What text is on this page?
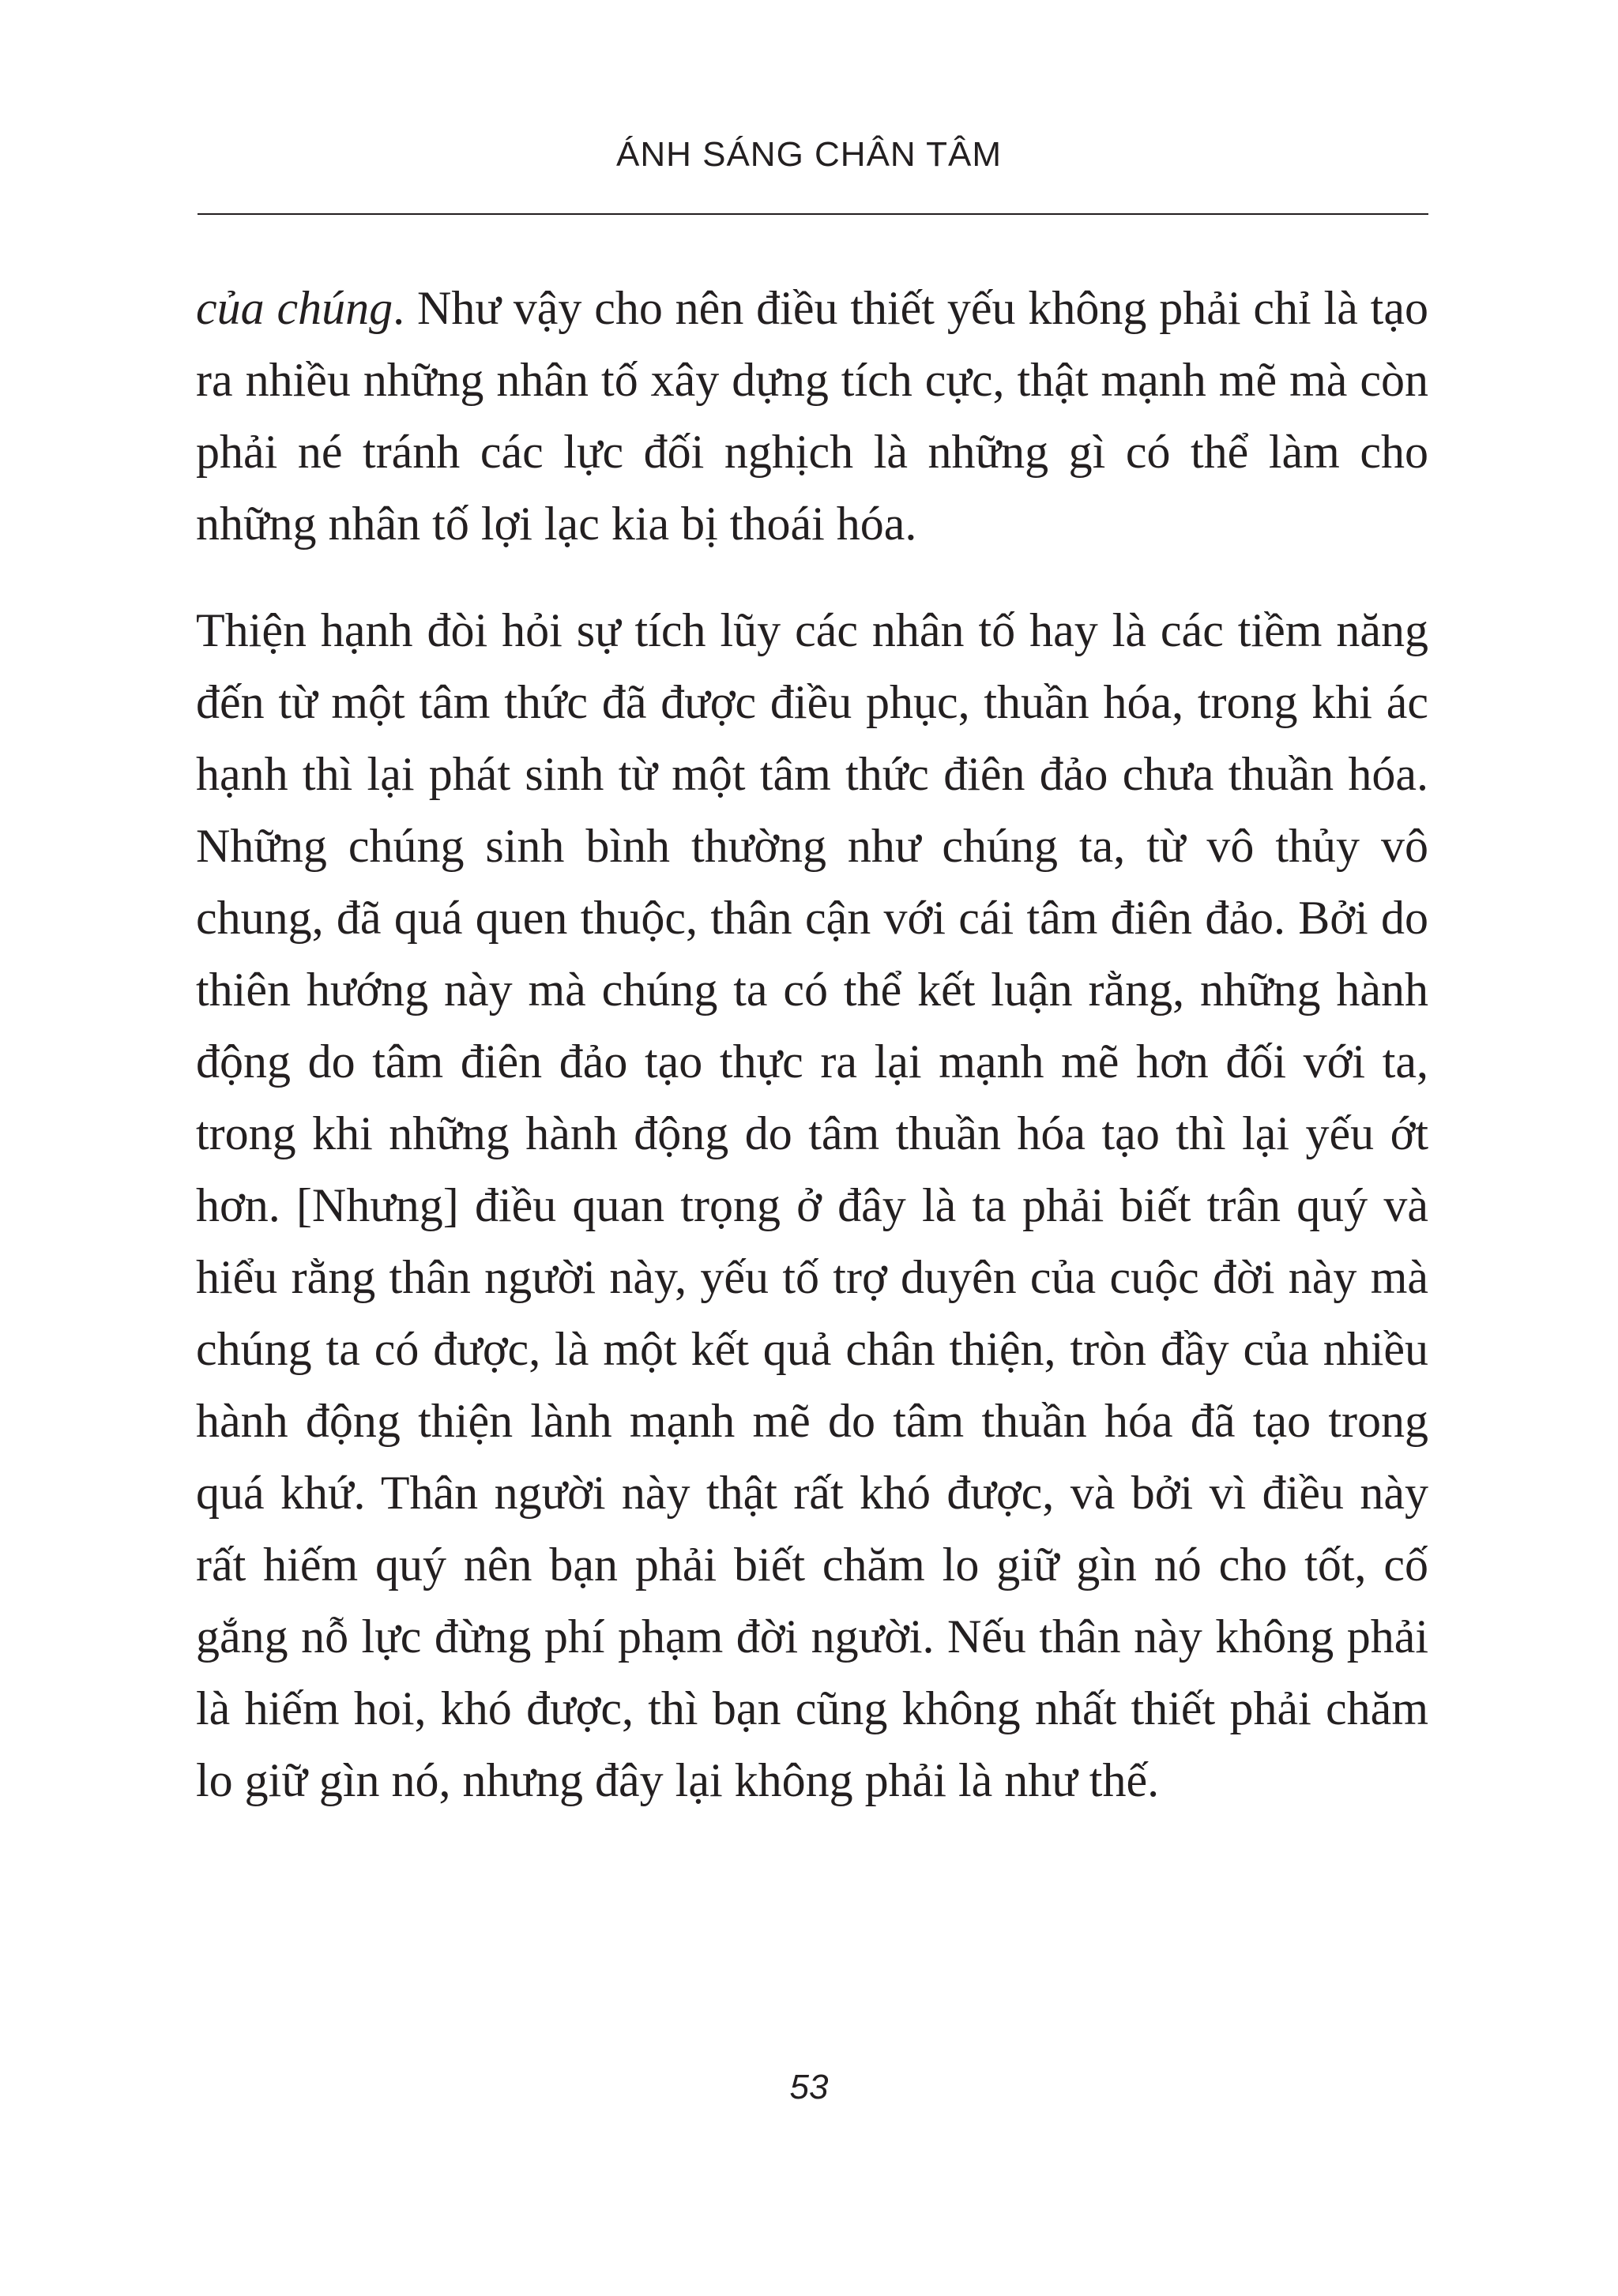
ÁNH SÁNG CHÂN TÂM

của chúng. Như vậy cho nên điều thiết yếu không phải chỉ là tạo ra nhiều những nhân tố xây dựng tích cực, thật mạnh mẽ mà còn phải né tránh các lực đối nghịch là những gì có thể làm cho những nhân tố lợi lạc kia bị thoái hóa.

Thiện hạnh đòi hỏi sự tích lũy các nhân tố hay là các tiềm năng đến từ một tâm thức đã được điều phục, thuần hóa, trong khi ác hạnh thì lại phát sinh từ một tâm thức điên đảo chưa thuần hóa. Những chúng sinh bình thường như chúng ta, từ vô thủy vô chung, đã quá quen thuộc, thân cận với cái tâm điên đảo. Bởi do thiên hướng này mà chúng ta có thể kết luận rằng, những hành động do tâm điên đảo tạo thực ra lại mạnh mẽ hơn đối với ta, trong khi những hành động do tâm thuần hóa tạo thì lại yếu ớt hơn. [Nhưng] điều quan trọng ở đây là ta phải biết trân quý và hiểu rằng thân người này, yếu tố trợ duyên của cuộc đời này mà chúng ta có được, là một kết quả chân thiện, tròn đầy của nhiều hành động thiện lành mạnh mẽ do tâm thuần hóa đã tạo trong quá khứ. Thân người này thật rất khó được, và bởi vì điều này rất hiếm quý nên bạn phải biết chăm lo giữ gìn nó cho tốt, cố gắng nỗ lực đừng phí phạm đời người. Nếu thân này không phải là hiếm hoi, khó được, thì bạn cũng không nhất thiết phải chăm lo giữ gìn nó, nhưng đây lại không phải là như thế.

53
